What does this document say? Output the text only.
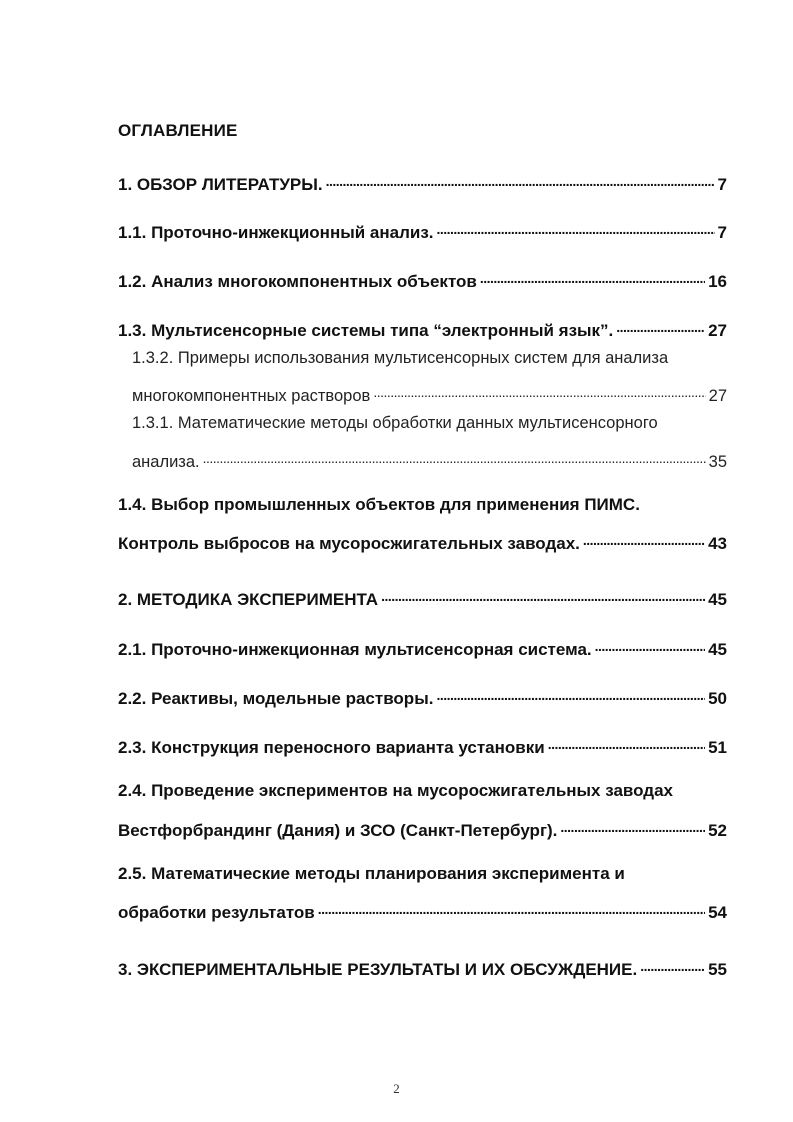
ОГЛАВЛЕНИЕ
1. ОБЗОР ЛИТЕРАТУРЫ. . . .	7
1.1. Проточно-инжекционный анализ. . . .	7
1.2. Анализ многокомпонентных объектов . . .	16
1.3. Мультисенсорные системы типа “электронный язык”. . . .	27
1.3.2. Примеры использования мультисенсорных систем для анализа
многокомпонентных растворов . . .	27
1.3.1. Математические методы обработки данных мультисенсорного
анализа. . . .	35
1.4. Выбор промышленных объектов для применения ПИМС.
Контроль выбросов на мусоросжигательных заводах. . . .	43
2. МЕТОДИКА ЭКСПЕРИМЕНТА . . .	45
2.1. Проточно-инжекционная мультисенсорная система. . . .	45
2.2. Реактивы, модельные растворы. . . .	50
2.3. Конструкция переносного варианта установки . . .	51
2.4. Проведение экспериментов на мусоросжигательных заводах
Вестфорбрандинг (Дания) и ЗСО (Санкт-Петербург). . . .	52
2.5. Математические методы планирования эксперимента и
обработки результатов . . .	54
3. ЭКСПЕРИМЕНТАЛЬНЫЕ РЕЗУЛЬТАТЫ И ИХ ОБСУЖДЕНИЕ. . . .	55
2
